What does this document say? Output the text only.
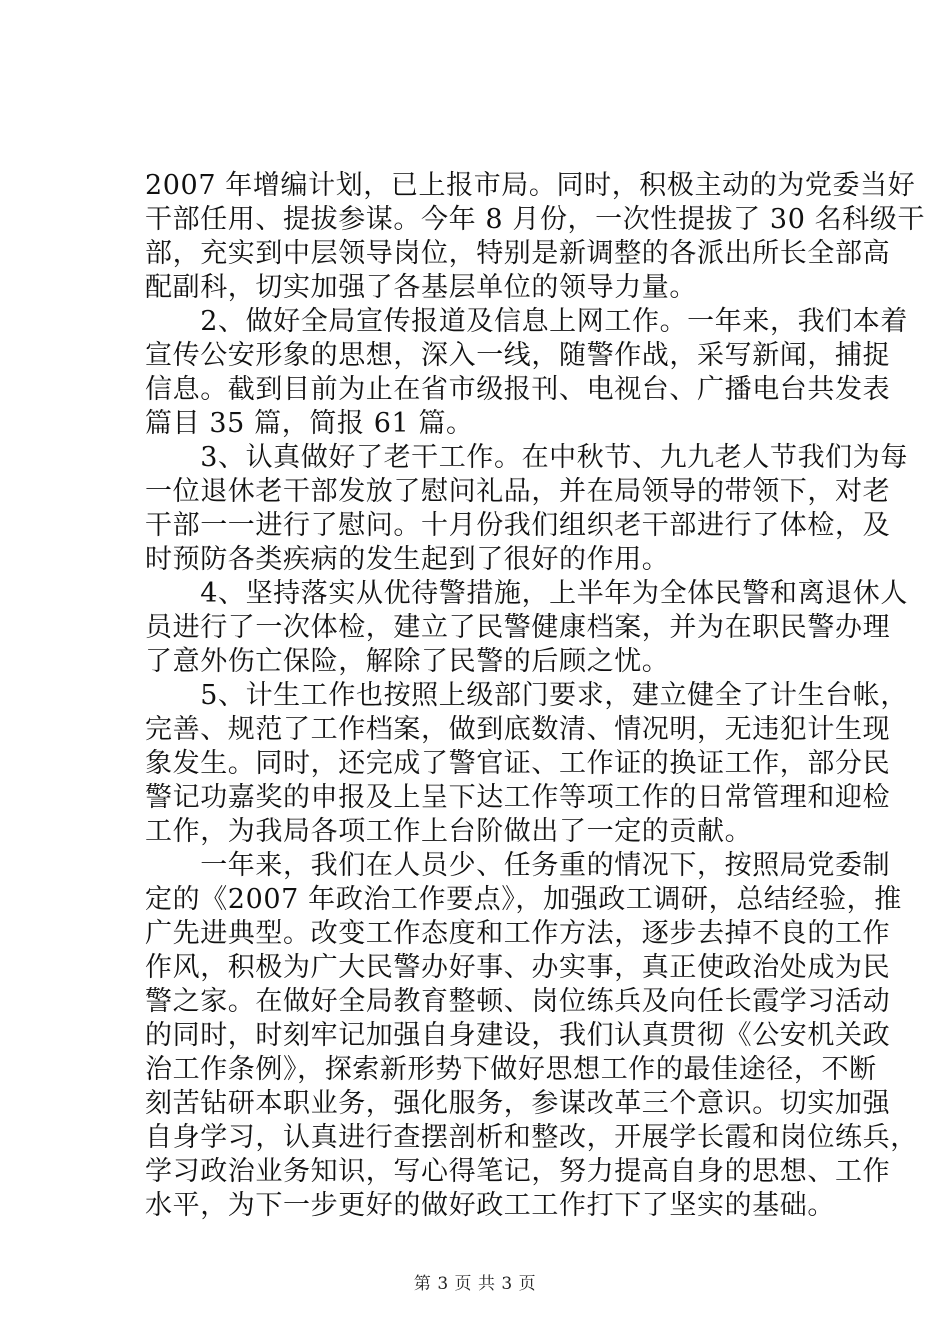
2007 年增编计划，已上报市局。同时，积极主动的为党委当好
干部任用、提拔参谋。今年 8 月份，一次性提拔了 30 名科级干
部，充实到中层领导岗位，特别是新调整的各派出所长全部高
配副科，切实加强了各基层单位的领导力量。
　　2、做好全局宣传报道及信息上网工作。一年来，我们本着
宣传公安形象的思想，深入一线，随警作战，采写新闻，捕捉
信息。截到目前为止在省市级报刊、电视台、广播电台共发表
篇目 35 篇，简报 61 篇。
　　3、认真做好了老干工作。在中秋节、九九老人节我们为每
一位退休老干部发放了慰问礼品，并在局领导的带领下，对老
干部一一进行了慰问。十月份我们组织老干部进行了体检，及
时预防各类疾病的发生起到了很好的作用。
　　4、坚持落实从优待警措施，上半年为全体民警和离退休人
员进行了一次体检，建立了民警健康档案，并为在职民警办理
了意外伤亡保险，解除了民警的后顾之忧。
　　5、计生工作也按照上级部门要求，建立健全了计生台帐，
完善、规范了工作档案，做到底数清、情况明，无违犯计生现
象发生。同时，还完成了警官证、工作证的换证工作，部分民
警记功嘉奖的申报及上呈下达工作等项工作的日常管理和迎检
工作，为我局各项工作上台阶做出了一定的贡献。
　　一年来，我们在人员少、任务重的情况下，按照局党委制
定的《2007 年政治工作要点》，加强政工调研，总结经验，推
广先进典型。改变工作态度和工作方法，逐步去掉不良的工作
作风，积极为广大民警办好事、办实事，真正使政治处成为民
警之家。在做好全局教育整顿、岗位练兵及向任长霞学习活动
的同时，时刻牢记加强自身建设，我们认真贯彻《公安机关政
治工作条例》，探索新形势下做好思想工作的最佳途径，不断
刻苦钻研本职业务，强化服务，参谋改革三个意识。切实加强
自身学习，认真进行查摆剖析和整改，开展学长霞和岗位练兵，
学习政治业务知识，写心得笔记，努力提高自身的思想、工作
水平，为下一步更好的做好政工工作打下了坚实的基础。
第 3 页 共 3 页
